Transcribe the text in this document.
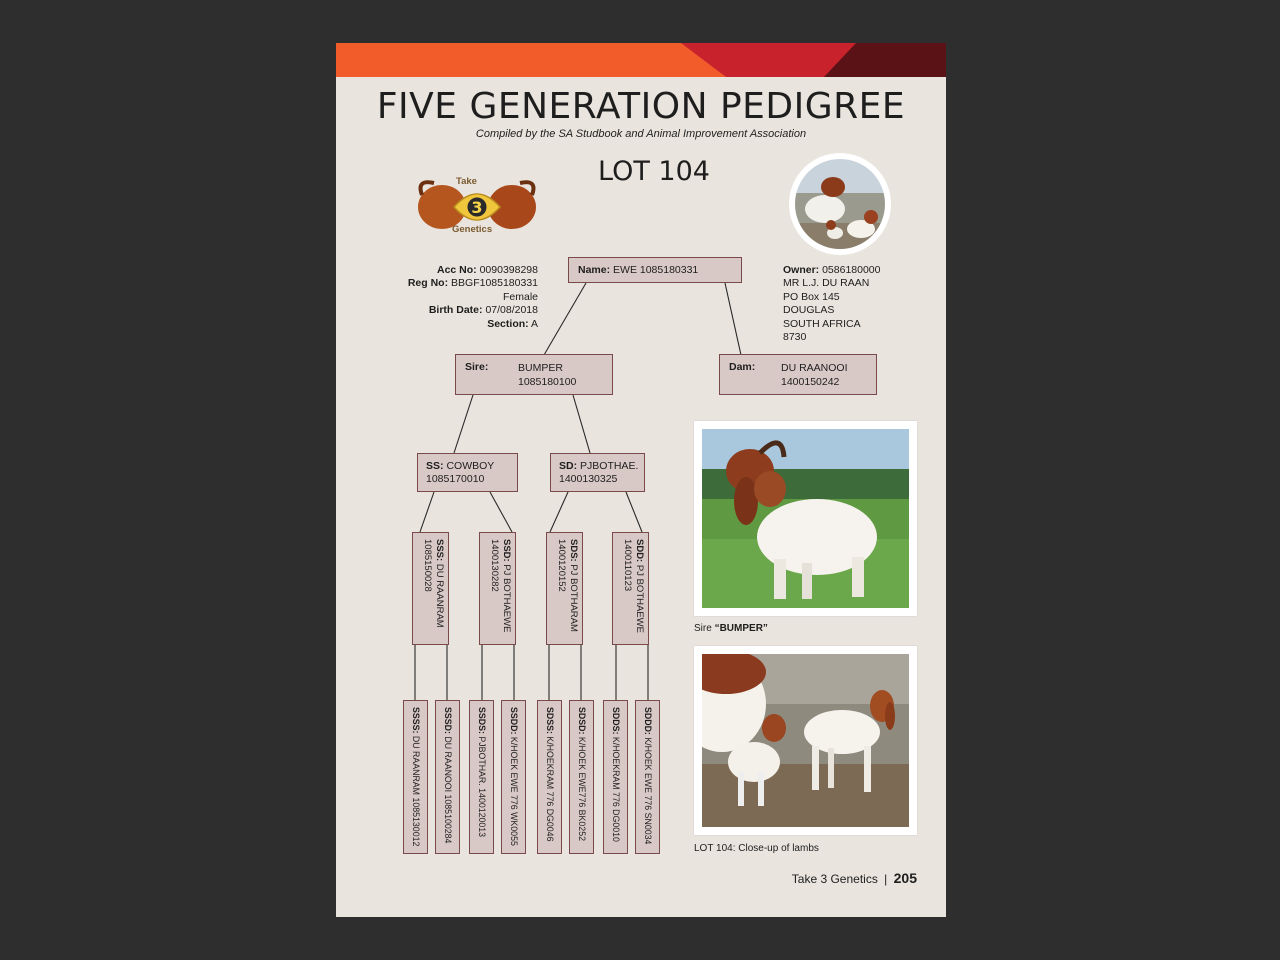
FIVE GENERATION PEDIGREE
Compiled by the SA Studbook and Animal Improvement Association
LOT 104
3
Take
Genetics
Acc No: 0090398298
Reg No: BBGF1085180331
Female
Birth Date: 07/08/2018
Section: A
Owner: 0586180000
MR L.J. DU RAAN
PO Box 145
DOUGLAS
SOUTH AFRICA
8730
Name: EWE 1085180331
Sire:	BUMPER
1085180100
Dam: DU RAANOOI
1400150242
SS: COWBOY
1085170010
SD: PJBOTHAE.
1400130325
SSS: DU RAANRAM
1085150028	SSD: PJ BOTHAEWE
1400130282	SDS: PJ BOTHARAM
1400120152	SDD: PJ BOTHAEWE
1400110123
SSSS: DU RAANRAM 1085130012
SSSD: DU RAANOOI 1085100284
SSDS: PJBOTHAR. 1400120013
SSDD: K/HOEK EWE 776 WK0055
SDSS: K/HOEKRAM 776 DG0046
SDSD: K/HOEK EWE776 BK0252
SDDS: K/HOEKRAM 776 DG0010
SDDD: K/HOEK EWE 776 SN0034
Sire “BUMPER”
LOT 104: Close-up of lambs
Take 3 Genetics | 205
